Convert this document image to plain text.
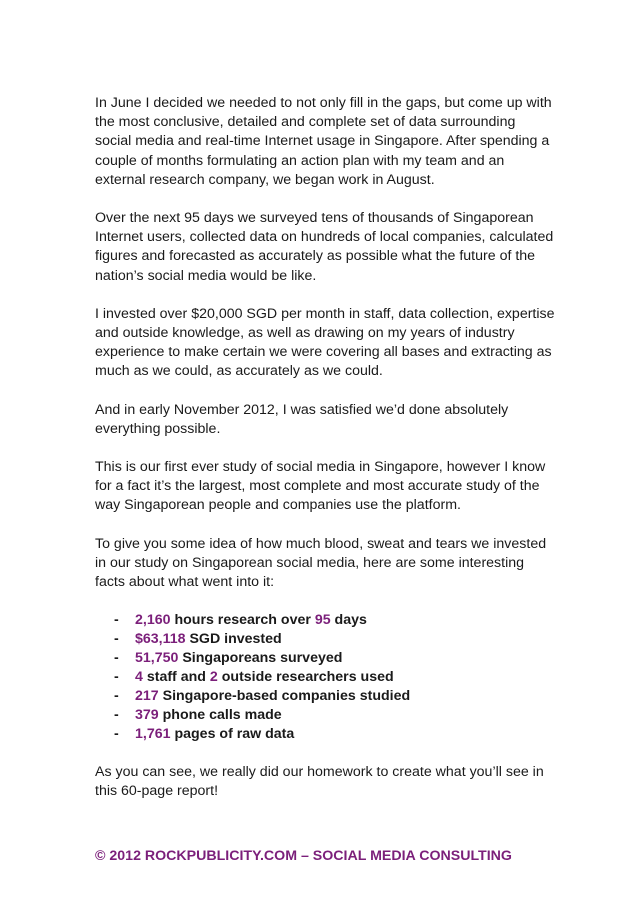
In June I decided we needed to not only fill in the gaps, but come up with the most conclusive, detailed and complete set of data surrounding social media and real-time Internet usage in Singapore. After spending a couple of months formulating an action plan with my team and an external research company, we began work in August.

Over the next 95 days we surveyed tens of thousands of Singaporean Internet users, collected data on hundreds of local companies, calculated figures and forecasted as accurately as possible what the future of the nation’s social media would be like.

I invested over $20,000 SGD per month in staff, data collection, expertise and outside knowledge, as well as drawing on my years of industry experience to make certain we were covering all bases and extracting as much as we could, as accurately as we could.

And in early November 2012, I was satisfied we’d done absolutely everything possible.

This is our first ever study of social media in Singapore, however I know for a fact it’s the largest, most complete and most accurate study of the way Singaporean people and companies use the platform.

To give you some idea of how much blood, sweat and tears we invested in our study on Singaporean social media, here are some interesting facts about what went into it:

- 2,160 hours research over 95 days
- $63,118 SGD invested
- 51,750 Singaporeans surveyed
- 4 staff and 2 outside researchers used
- 217 Singapore-based companies studied
- 379 phone calls made
- 1,761 pages of raw data

As you can see, we really did our homework to create what you’ll see in this 60-page report!

© 2012 ROCKPUBLICITY.COM – SOCIAL MEDIA CONSULTING
